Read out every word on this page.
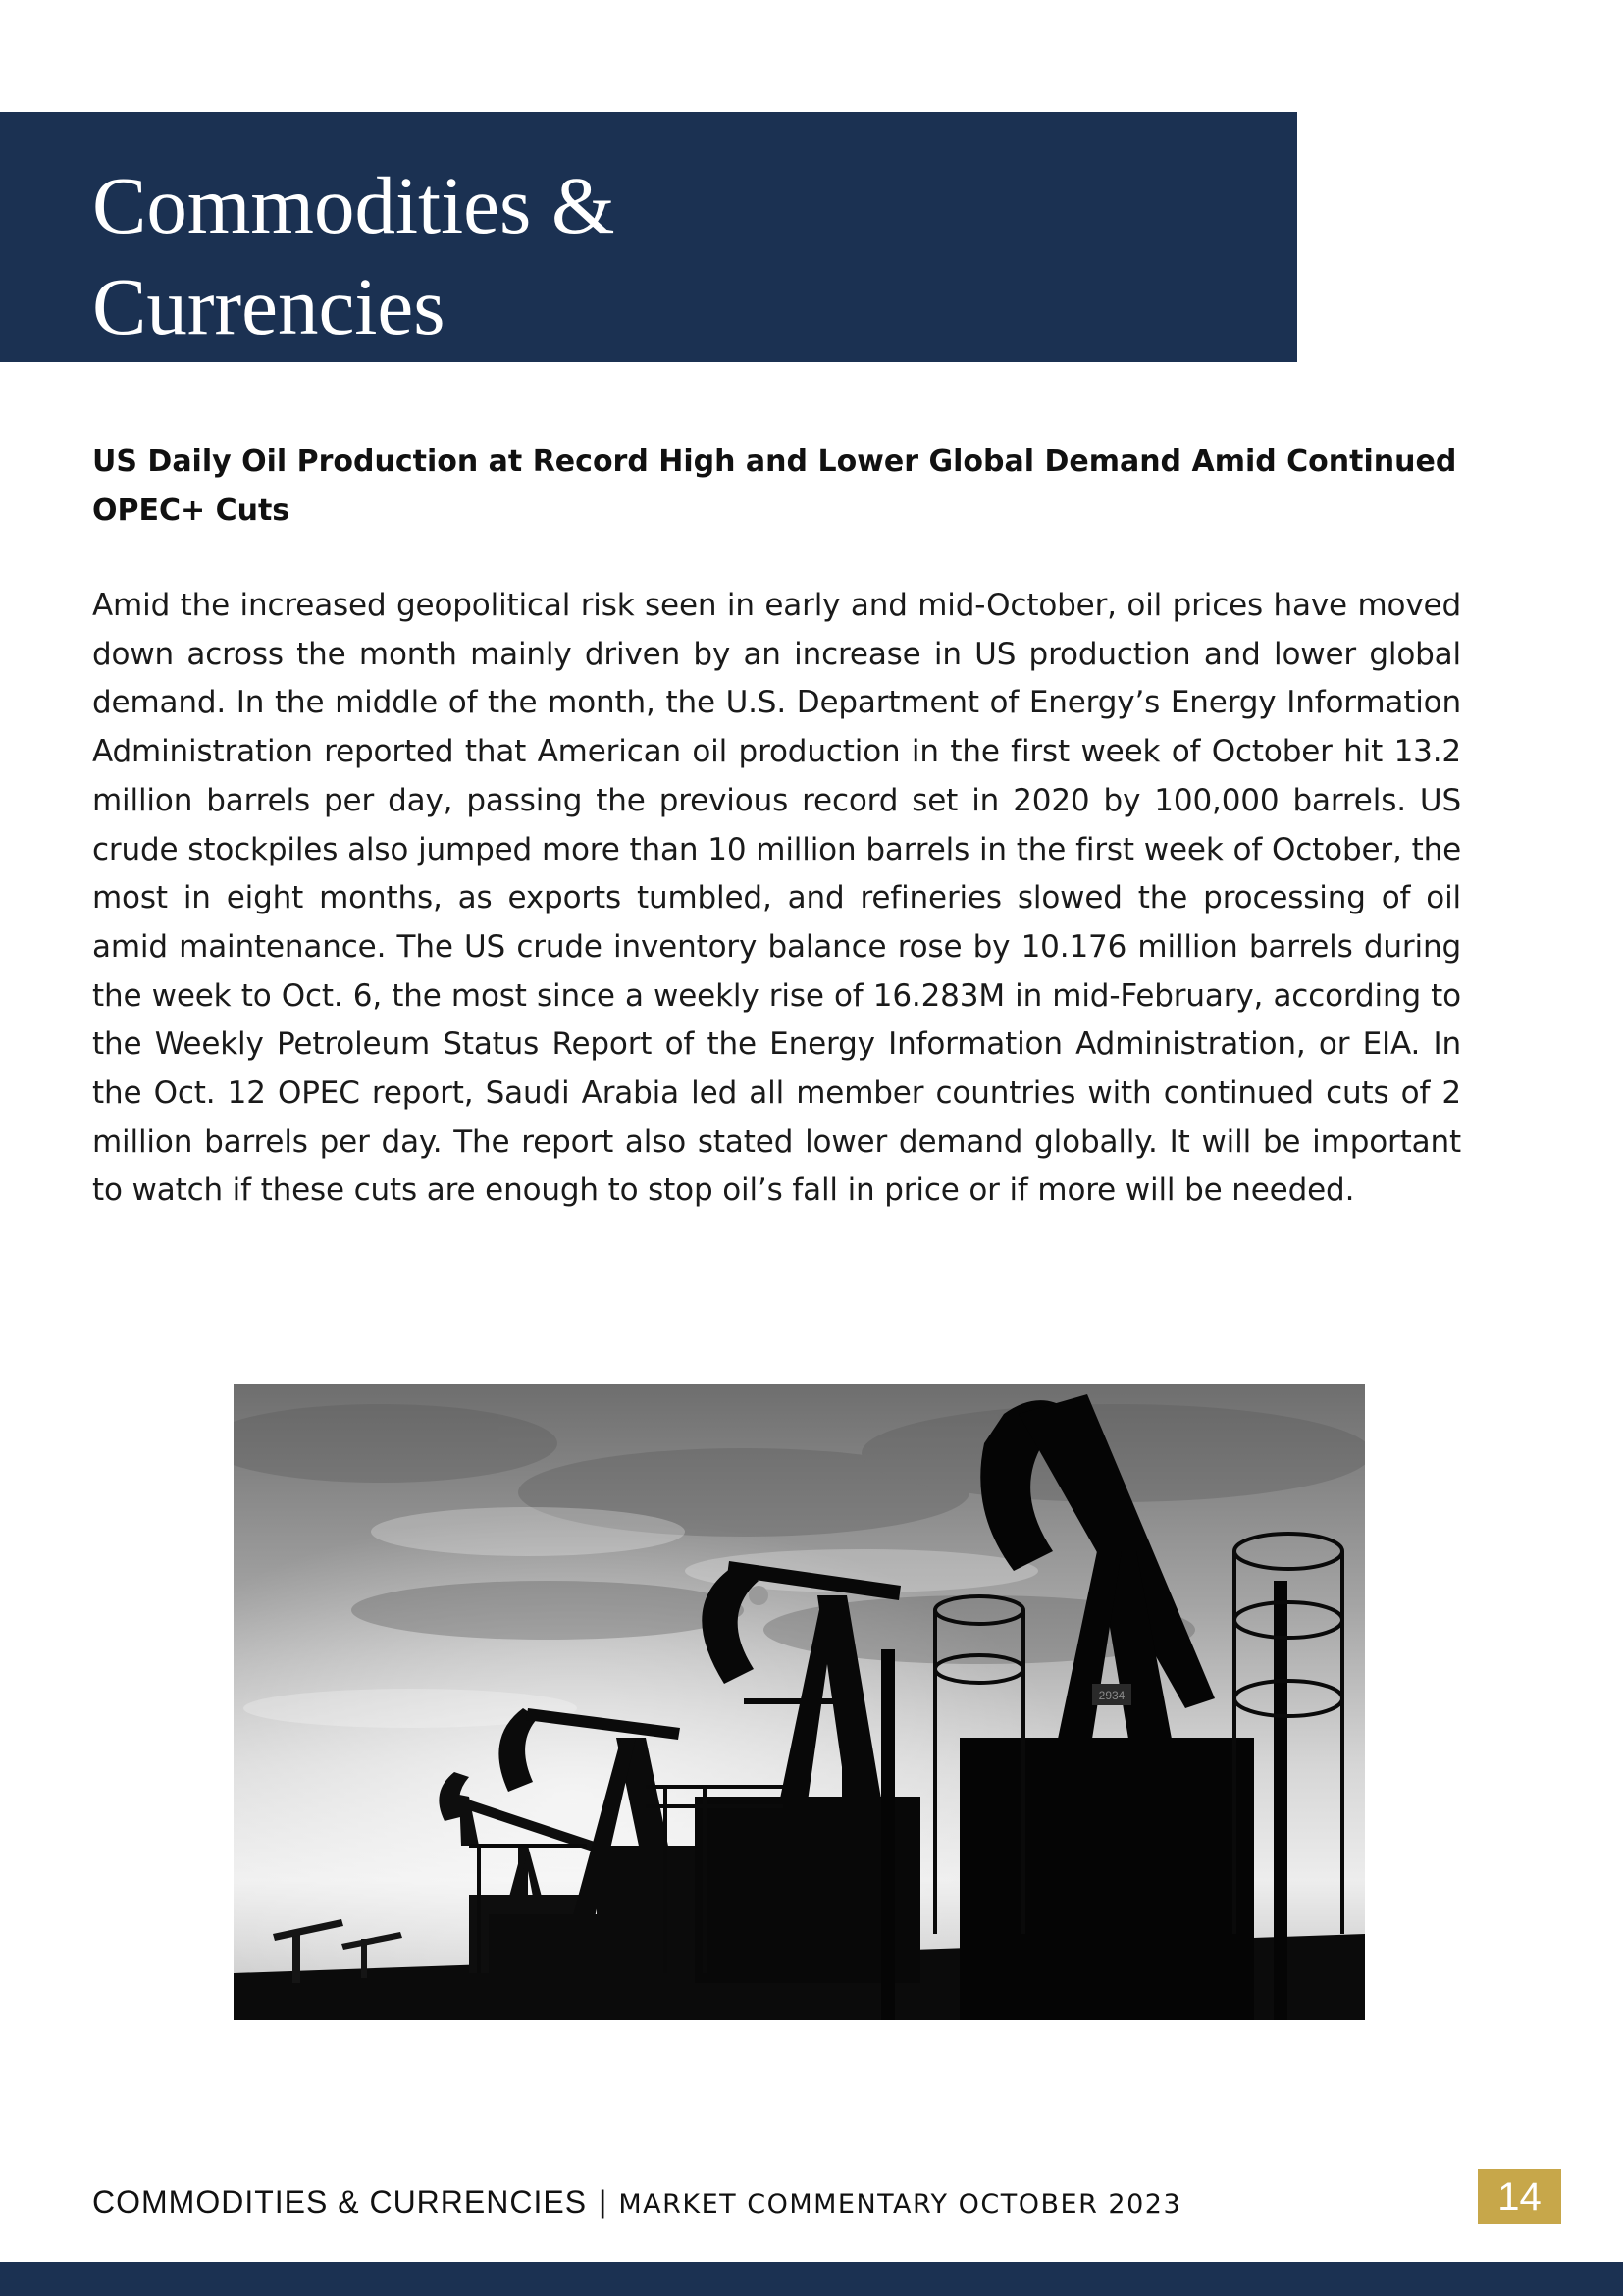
Commodities &
Currencies
US Daily Oil Production at Record High and Lower Global Demand Amid Continued OPEC+ Cuts
Amid the increased geopolitical risk seen in early and mid-October, oil prices have moved down across the month mainly driven by an increase in US production and lower global demand. In the middle of the month, the U.S. Department of Energy’s Energy Information Administration reported that American oil production in the first week of October hit 13.2 million barrels per day, passing the previous record set in 2020 by 100,000 barrels. US crude stockpiles also jumped more than 10 million barrels in the first week of October, the most in eight months, as exports tumbled, and refineries slowed the processing of oil amid maintenance. The US crude inventory balance rose by 10.176 million barrels during the week to Oct. 6, the most since a weekly rise of 16.283M in mid-February, according to the Weekly Petroleum Status Report of the Energy Information Administration, or EIA. In the Oct. 12 OPEC report, Saudi Arabia led all member countries with continued cuts of 2 million barrels per day. The report also stated lower demand globally. It will be important to watch if these cuts are enough to stop oil’s fall in price or if more will be needed.
2934
COMMODITIES & CURRENCIES | MARKET COMMENTARY OCTOBER 2023	14
